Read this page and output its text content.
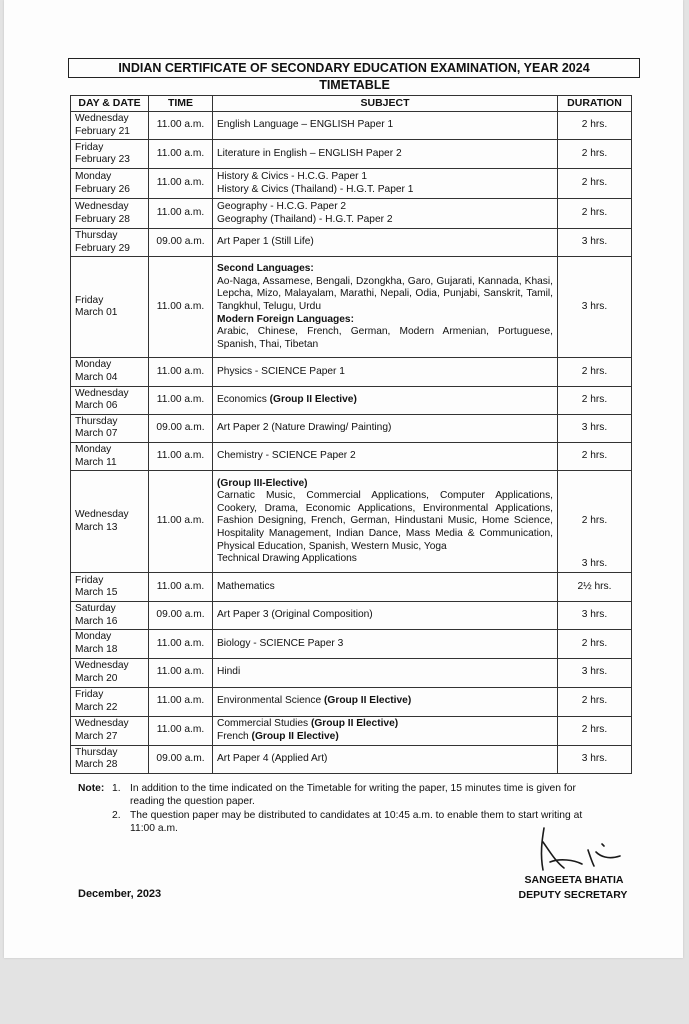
INDIAN CERTIFICATE OF SECONDARY EDUCATION EXAMINATION, YEAR 2024
TIMETABLE
DAY & DATE	TIME	SUBJECT	DURATION

Wednesday
February 21	11.00 a.m.	English Language – ENGLISH Paper 1	2 hrs.

Friday
February 23	11.00 a.m.	Literature in English – ENGLISH Paper 2	2 hrs.

Monday
February 26	11.00 a.m.	History & Civics - H.C.G. Paper 1
History & Civics (Thailand) - H.G.T. Paper 1	2 hrs.

Wednesday
February 28	11.00 a.m.	Geography - H.C.G. Paper 2
Geography (Thailand) - H.G.T. Paper 2	2 hrs.

Thursday
February 29	09.00 a.m.	Art Paper 1 (Still Life)	3 hrs.

Friday
March 01	11.00 a.m.	Second Languages:
Ao-Naga, Assamese, Bengali, Dzongkha, Garo, Gujarati, Kannada, Khasi, Lepcha, Mizo, Malayalam, Marathi, Nepali, Odia, Punjabi, Sanskrit, Tamil, Tangkhul, Telugu, Urdu
Modern Foreign Languages:
Arabic, Chinese, French, German, Modern Armenian, Portuguese, Spanish, Thai, Tibetan	3 hrs.

Monday
March 04	11.00 a.m.	Physics - SCIENCE Paper 1	2 hrs.

Wednesday
March 06	11.00 a.m.	Economics (Group II Elective)	2 hrs.

Thursday
March 07	09.00 a.m.	Art Paper 2 (Nature Drawing/ Painting)	3 hrs.

Monday
March 11	11.00 a.m.	Chemistry - SCIENCE Paper 2	2 hrs.

Wednesday
March 13	11.00 a.m.	(Group III-Elective)
Carnatic Music, Commercial Applications, Computer Applications, Cookery, Drama, Economic Applications, Environmental Applications, Fashion Designing, French, German, Hindustani Music, Home Science, Hospitality Management, Indian Dance, Mass Media & Communication, Physical Education, Spanish, Western Music, Yoga
Technical Drawing Applications	2 hrs.
3 hrs.

Friday
March 15	11.00 a.m.	Mathematics	2½ hrs.

Saturday
March 16	09.00 a.m.	Art Paper 3 (Original Composition)	3 hrs.

Monday
March 18	11.00 a.m.	Biology - SCIENCE Paper 3	2 hrs.

Wednesday
March 20	11.00 a.m.	Hindi	3 hrs.

Friday
March 22	11.00 a.m.	Environmental Science (Group II Elective)	2 hrs.

Wednesday
March 27	11.00 a.m.	Commercial Studies (Group II Elective)
French (Group II Elective)	2 hrs.

Thursday
March 28	09.00 a.m.	Art Paper 4 (Applied Art)	3 hrs.
Note: 1. In addition to the time indicated on the Timetable for writing the paper, 15 minutes time is given for reading the question paper.
2. The question paper may be distributed to candidates at 10:45 a.m. to enable them to start writing at 11:00 a.m.
SANGEETA BHATIA
DEPUTY SECRETARY
December, 2023
